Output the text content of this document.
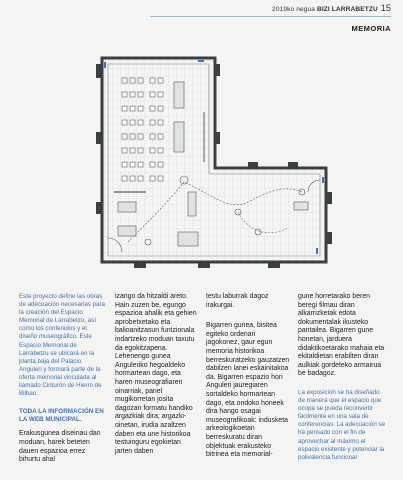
2019ko negua BIZI LARRABETZU 15
MEMORIA

Este proyecto define las obras de adecuación necesarias para la creación del Espacio Memorial de Larrabetzu, así como los contenidos y el diseño museográfico. Este Espacio Memorial de Larrabetzu se ubicará en la planta baja del Palacio Anguleri y formará parte de la oferta memorial vinculada al llamado Cinturón de Hierro de Bilbao.

TODA LA INFORMACIÓN EN LA WEB MUNICIPAL.

Erakusgunea diseinau dan moduan, harek beteten dauen espazioa errez bihurtu ahal

izango da hitzaldi areto. Hain zuzen be, egungo espazioa ahalik eta gehien aprobetxetako eta balioanitzasun funtzionala indartzeko moduan taxutu da egokitzapena. Lehenengo gunea Anguleriko hegoaldeko hormartean dago, eta haren museografiaren oinarriak, panel mugikorretan josita dagozan formatu handiko argazkiak dira; argazki-oinetan, irudia azaltzen daben eta une historikoa testuinguru egokietan jarten daben

testu laburrak dagoz irakurgai.

Bigarren gunea, bisitea egiteko ordenari jagokonez, gaur egun memoria historikoa berreskuratzeko gauzatzen dabilzen lanei eskainitakoa da. Bigarren espazio hori Anguleri jauregiaren sortaldeko hormartean dago, eta ondoko honeek dira hango osagai museografikoak: indusketa arkeologikoetan berreskuratu diran objektuak erakusteko bitrinea eta memorial-

gune horretarako beren beregi filmau diran alkarrizketak edota dokumentalak ikusteko pantailea. Bigarren gune honetan, jarduera didaktikoetarako mahaia eta ekitaldietan erabilten diran aulkiak gordeteko armairua be badagoz.

La exposición se ha diseñado de manera que el espacio que ocupa se pueda reconvertir fácilmente en una sala de conferencias. La adecuación se ha pensado con el fin de aprovechar al máximo el espacio existente y potenciar la polivalencia funcional
